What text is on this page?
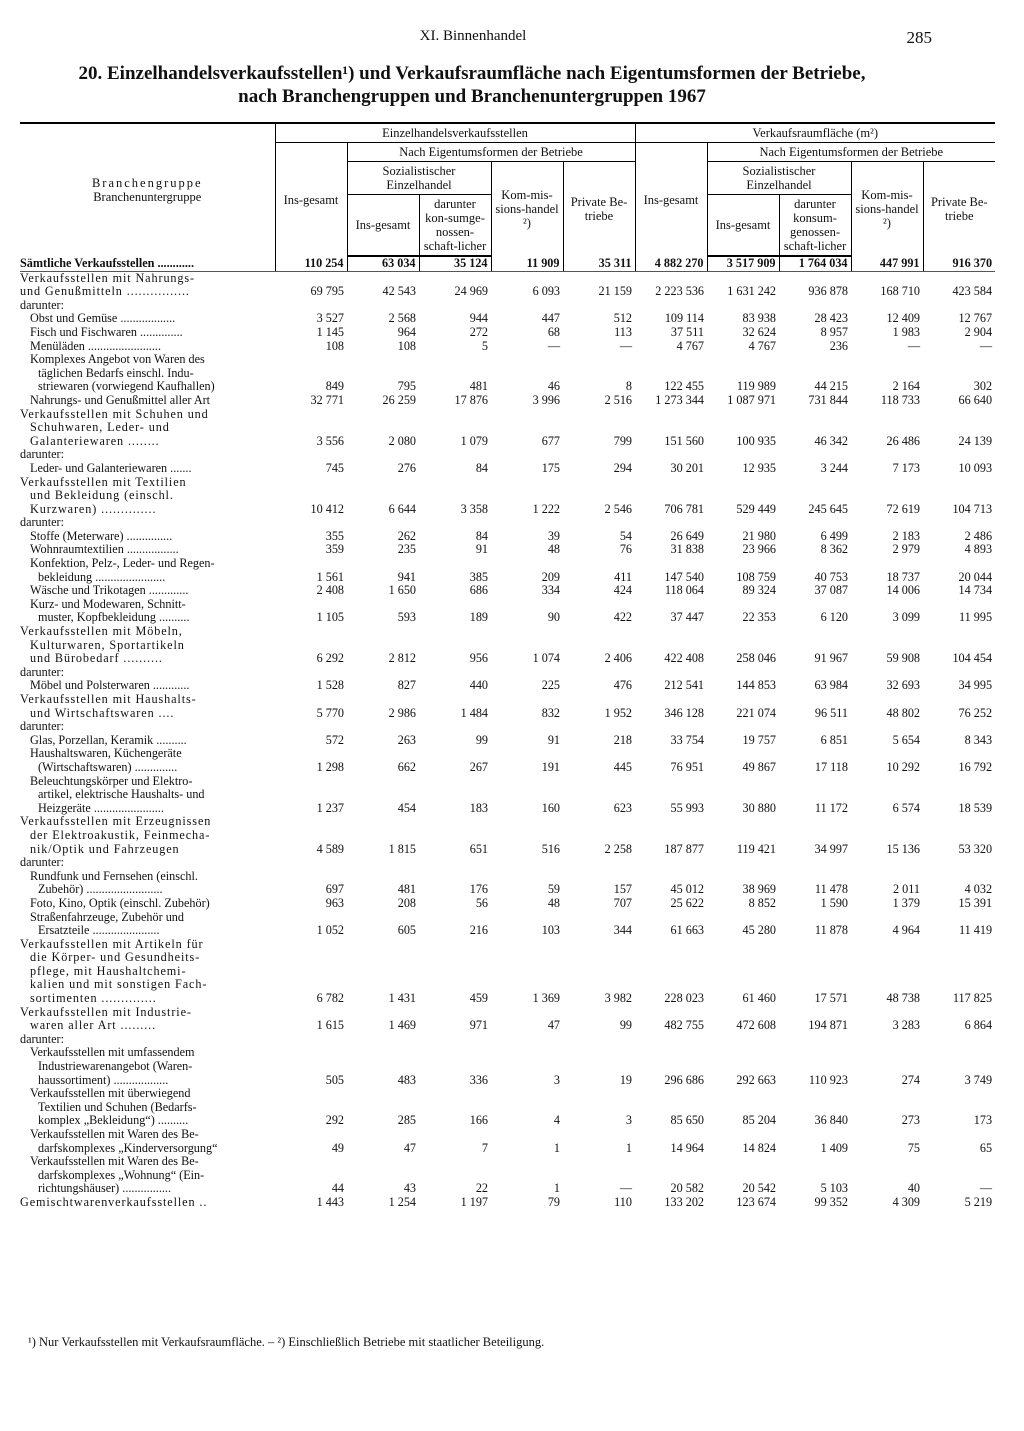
XI. Binnenhandel	285
20. Einzelhandelsverkaufsstellen¹) und Verkaufsraumfläche nach Eigentumsformen der Betriebe,
nach Branchengruppen und Branchenuntergruppen 1967
Branchengruppe
Branchenuntergruppe	Einzelhandelsverkaufsstellen					Verkaufsraumfläche (m²)				
	Ins-gesamt	Nach Eigentumsformen der Betriebe				Ins-gesamt	Nach Eigentumsformen der Betriebe			
		Sozialistischer Einzelhandel		Kom-mis-sions-handel ²)	Private Be-triebe		Sozialistischer Einzelhandel		Kom-mis-sions-handel ²)	Private Be-triebe
		Ins-gesamt	darunter kon-sumge-nossen-schaft-licher				Ins-gesamt	darunter konsum-genossen-schaft-licher		
Sämtliche Verkaufsstellen ............	110 254	63 034	35 124	11 909	35 311	4 882 270	3 517 909	1 764 034	447 991	916 370
Verkaufsstellen mit Nahrungs-										
und Genußmitteln ................	69 795	42 543	24 969	6 093	21 159	2 223 536	1 631 242	936 878	168 710	423 584
darunter:										
Obst und Gemüse ..................	3 527	2 568	944	447	512	109 114	83 938	28 423	12 409	12 767
Fisch und Fischwaren ..............	1 145	964	272	68	113	37 511	32 624	8 957	1 983	2 904
Menüläden ........................	108	108	5	—	—	4 767	4 767	236	—	—
Komplexes Angebot von Waren des										
täglichen Bedarfs einschl. Indu-										
striewaren (vorwiegend Kaufhallen)	849	795	481	46	8	122 455	119 989	44 215	2 164	302
Nahrungs- und Genußmittel aller Art	32 771	26 259	17 876	3 996	2 516	1 273 344	1 087 971	731 844	118 733	66 640
Verkaufsstellen mit Schuhen und										
Schuhwaren, Leder- und										
Galanteriewaren ........	3 556	2 080	1 079	677	799	151 560	100 935	46 342	26 486	24 139
darunter:										
Leder- und Galanteriewaren .......	745	276	84	175	294	30 201	12 935	3 244	7 173	10 093
Verkaufsstellen mit Textilien										
und Bekleidung (einschl.										
Kurzwaren) ..............	10 412	6 644	3 358	1 222	2 546	706 781	529 449	245 645	72 619	104 713
darunter:										
Stoffe (Meterware) ...............	355	262	84	39	54	26 649	21 980	6 499	2 183	2 486
Wohnraumtextilien .................	359	235	91	48	76	31 838	23 966	8 362	2 979	4 893
Konfektion, Pelz-, Leder- und Regen-										
bekleidung .......................	1 561	941	385	209	411	147 540	108 759	40 753	18 737	20 044
Wäsche und Trikotagen .............	2 408	1 650	686	334	424	118 064	89 324	37 087	14 006	14 734
Kurz- und Modewaren, Schnitt-										
muster, Kopfbekleidung ..........	1 105	593	189	90	422	37 447	22 353	6 120	3 099	11 995
Verkaufsstellen mit Möbeln,										
Kulturwaren, Sportartikeln										
und Bürobedarf ..........	6 292	2 812	956	1 074	2 406	422 408	258 046	91 967	59 908	104 454
darunter:										
Möbel und Polsterwaren ............	1 528	827	440	225	476	212 541	144 853	63 984	32 693	34 995
Verkaufsstellen mit Haushalts-										
und Wirtschaftswaren ....	5 770	2 986	1 484	832	1 952	346 128	221 074	96 511	48 802	76 252
darunter:										
Glas, Porzellan, Keramik ..........	572	263	99	91	218	33 754	19 757	6 851	5 654	8 343
Haushaltswaren, Küchengeräte										
(Wirtschaftswaren) ..............	1 298	662	267	191	445	76 951	49 867	17 118	10 292	16 792
Beleuchtungskörper und Elektro-										
artikel, elektrische Haushalts- und										
Heizgeräte .......................	1 237	454	183	160	623	55 993	30 880	11 172	6 574	18 539
Verkaufsstellen mit Erzeugnissen										
der Elektroakustik, Feinmecha-										
nik/Optik und Fahrzeugen	4 589	1 815	651	516	2 258	187 877	119 421	34 997	15 136	53 320
darunter:										
Rundfunk und Fernsehen (einschl.										
Zubehör) .........................	697	481	176	59	157	45 012	38 969	11 478	2 011	4 032
Foto, Kino, Optik (einschl. Zubehör)	963	208	56	48	707	25 622	8 852	1 590	1 379	15 391
Straßenfahrzeuge, Zubehör und										
Ersatzteile ......................	1 052	605	216	103	344	61 663	45 280	11 878	4 964	11 419
Verkaufsstellen mit Artikeln für										
die Körper- und Gesundheits-										
pflege, mit Haushaltchemi-										
kalien und mit sonstigen Fach-										
sortimenten ..............	6 782	1 431	459	1 369	3 982	228 023	61 460	17 571	48 738	117 825
Verkaufsstellen mit Industrie-										
waren aller Art .........	1 615	1 469	971	47	99	482 755	472 608	194 871	3 283	6 864
darunter:										
Verkaufsstellen mit umfassendem										
Industriewarenangebot (Waren-										
haussortiment) ..................	505	483	336	3	19	296 686	292 663	110 923	274	3 749
Verkaufsstellen mit überwiegend										
Textilien und Schuhen (Bedarfs-										
komplex „Bekleidung“) ..........	292	285	166	4	3	85 650	85 204	36 840	273	173
Verkaufsstellen mit Waren des Be-										
darfskomplexes „Kinderversorgung“	49	47	7	1	1	14 964	14 824	1 409	75	65
Verkaufsstellen mit Waren des Be-										
darfskomplexes „Wohnung“ (Ein-										
richtungshäuser) ................	44	43	22	1	—	20 582	20 542	5 103	40	—
Gemischtwarenverkaufsstellen ..	1 443	1 254	1 197	79	110	133 202	123 674	99 352	4 309	5 219
¹) Nur Verkaufsstellen mit Verkaufsraumfläche. – ²) Einschließlich Betriebe mit staatlicher Beteiligung.
